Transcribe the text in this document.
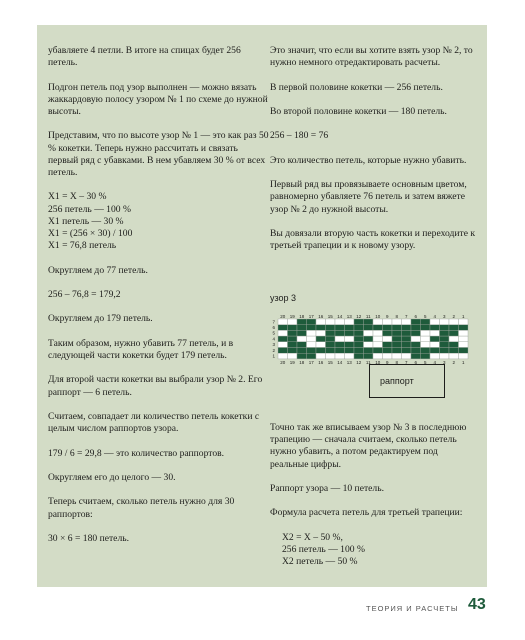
убавляете 4 петли. В итоге на спицах будет 256 петель.

Подгон петель под узор выполнен — можно вязать жаккардовую полосу узором № 1 по схеме до нужной высоты.

Представим, что по высоте узор № 1 — это как раз 50 % кокетки. Теперь нужно рассчитать и связать первый ряд с убавками. В нем убавляем 30 % от всех петель.

X1 = X – 30 %
256 петель — 100 %
X1 петель — 30 %
X1 = (256 × 30) / 100
X1 = 76,8 петель

Округляем до 77 петель.

256 – 76,8 = 179,2

Округляем до 179 петель.

Таким образом, нужно убавить 77 петель, и в следующей части кокетки будет 179 петель.

Для второй части кокетки вы выбрали узор № 2. Его раппорт — 6 петель.

Считаем, совпадает ли количество петель кокетки с целым числом раппортов узора.

179 / 6 = 29,8 — это количество раппортов.

Округляем его до целого — 30.

Теперь считаем, сколько петель нужно для 30 раппортов:

30 × 6 = 180 петель.

Это значит, что если вы хотите взять узор № 2, то нужно немного отредактировать расчеты.

В первой половине кокетки — 256 петель.

Во второй половине кокетки — 180 петель.

256 – 180 = 76

Это количество петель, которые нужно убавить.

Первый ряд вы провязываете основным цветом, равномерно убавляете 76 петель и затем вяжете узор № 2 до нужной высоты.

Вы довязали вторую часть кокетки и переходите к третьей трапеции и к новому узору.

узор 3
20 19 18 17 16 15 14 13 12 11 10 9 8 7 6 5 4 3 2 1
7
6
5
4
3
2
1
20 19 18 17 16 15 14 13 12 11 10 9 8 7 6 5 4 3 2 1
раппорт

Точно так же вписываем узор № 3 в последнюю трапецию — сначала считаем, сколько петель нужно убавить, а потом редактируем под реальные цифры.

Раппорт узора — 10 петель.

Формула расчета петель для третьей трапеции:

X2 = X – 50 %,
256 петель — 100 %
X2 петель — 50 %
ТЕОРИЯ И РАСЧЕТЫ 43
